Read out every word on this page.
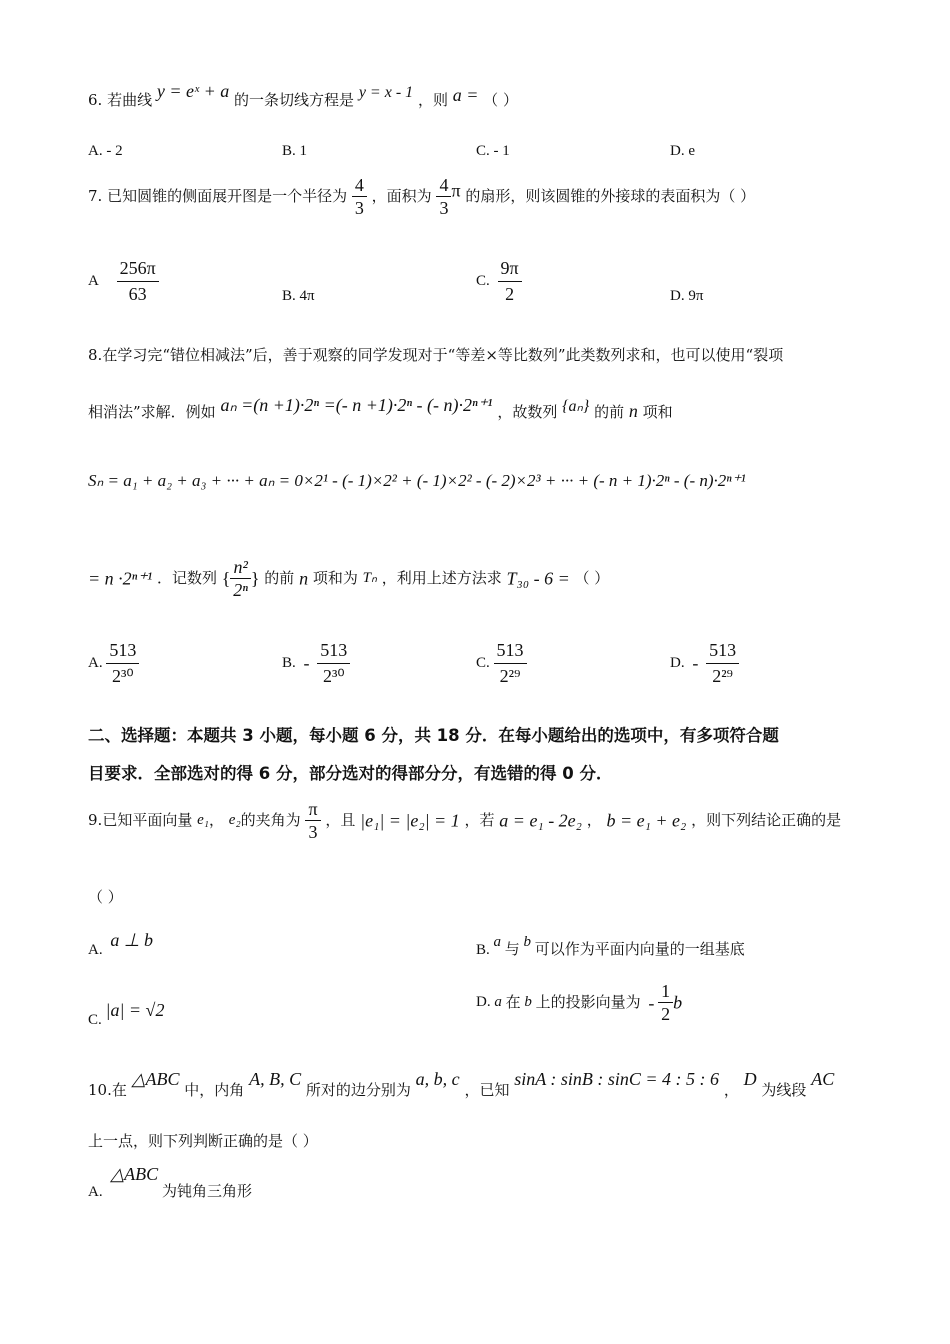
6. 若曲线 y = eˣ + a 的一条切线方程是 y = x - 1 ，则 a = （ ）
A. - 2	B. 1	C. - 1	D. e
7. 已知圆锥的侧面展开图是一个半径为 $\frac{4}{3}$ ，面积为 $\frac{4}{3}$ π 的扇形，则该圆锥的外接球的表面积为（ ）
A $\frac{256\pi}{63}$	B. 4π
C. $\frac{9\pi}{2}$	D. 9π
8.在学习完“错位相减法”后，善于观察的同学发现对于“等差×等比数列”此类数列求和，也可以使用“裂项
相消法”求解．例如 aₙ =(n +1)·2ⁿ =(- n +1)·2ⁿ - (- n)·2ⁿ⁺¹ ，故数列 {aₙ} 的前 n 项和
Sₙ = a₁ + a₂ + a₃ + ··· + aₙ = 0×2¹ - (- 1)×2² + (- 1)×2² - (- 2)×2³ + ··· + (- n + 1)·2ⁿ - (- n)·2ⁿ⁺¹
= n ·2ⁿ⁺¹ ．记数列 { $\frac{\text{n²}}{\text{2ⁿ}}$ } 的前 n 项和为 Tₙ ，利用上述方法求 T₃₀ - 6 = （ ）
A. $\frac{513}{\text{2³⁰}}$	B. - $\frac{513}{\text{2³⁰}}$	C. $\frac{513}{\text{2²⁹}}$	D. - $\frac{513}{\text{2²⁹}}$
二、选择题：本题共 3 小题，每小题 6 分，共 18 分．在每小题给出的选项中，有多项符合题
目要求．全部选对的得 6 分，部分选对的得部分分，有选错的得 0 分．
9.已知平面向量 e₁， e₂的夹角为 $\frac{\pi}{3}$ ，且 |e₁| = |e₂| = 1 ，若 a = e₁ - 2e₂ ， b = e₁ + e₂ ，则下列结论正确的是
（ ）
A. a ⊥ b	B. a 与 b 可以作为平面内向量的一组基底
C. |a| = √2	D. a 在 b 上的投影向量为 - $\frac{1}{2}$ b
10.在 △ABC 中，内角 A, B, C 所对的边分别为 a, b, c ，已知 sinA : sinB : sinC = 4 : 5 : 6 ， D 为线段 AC
上一点，则下列判断正确的是（ ）
A. △ABC 为钝角三角形
